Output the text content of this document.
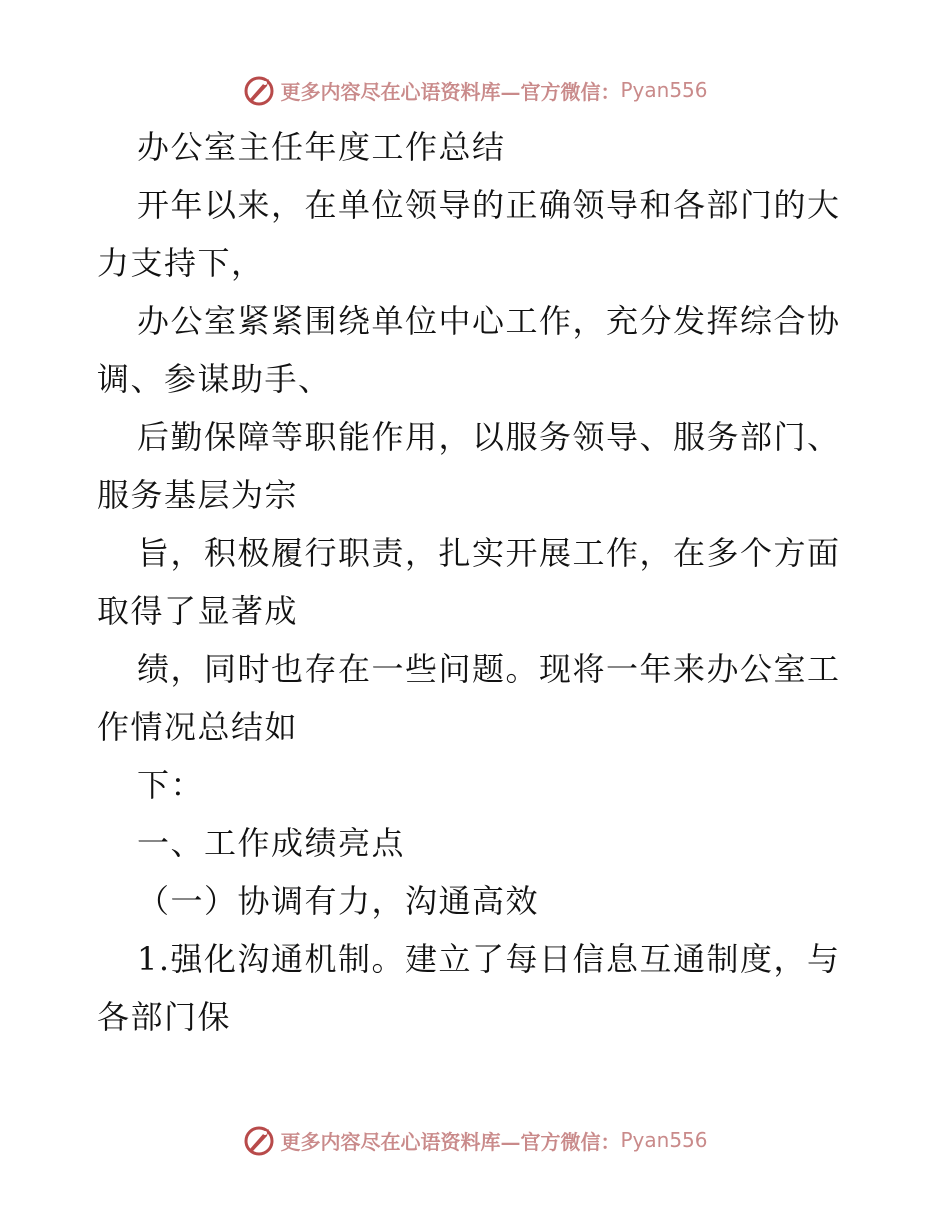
更多内容尽在心语资料库—官方微信： Pyan556
办公室主任年度工作总结
开年以来，在单位领导的正确领导和各部门的大
力支持下，
办公室紧紧围绕单位中心工作，充分发挥综合协
调、参谋助手、
后勤保障等职能作用，以服务领导、服务部门、
服务基层为宗
旨，积极履行职责，扎实开展工作，在多个方面
取得了显著成
绩，同时也存在一些问题。现将一年来办公室工
作情况总结如
下：
一、工作成绩亮点
（一）协调有力，沟通高效
1.强化沟通机制。建立了每日信息互通制度，与
各部门保
更多内容尽在心语资料库—官方微信： Pyan556
